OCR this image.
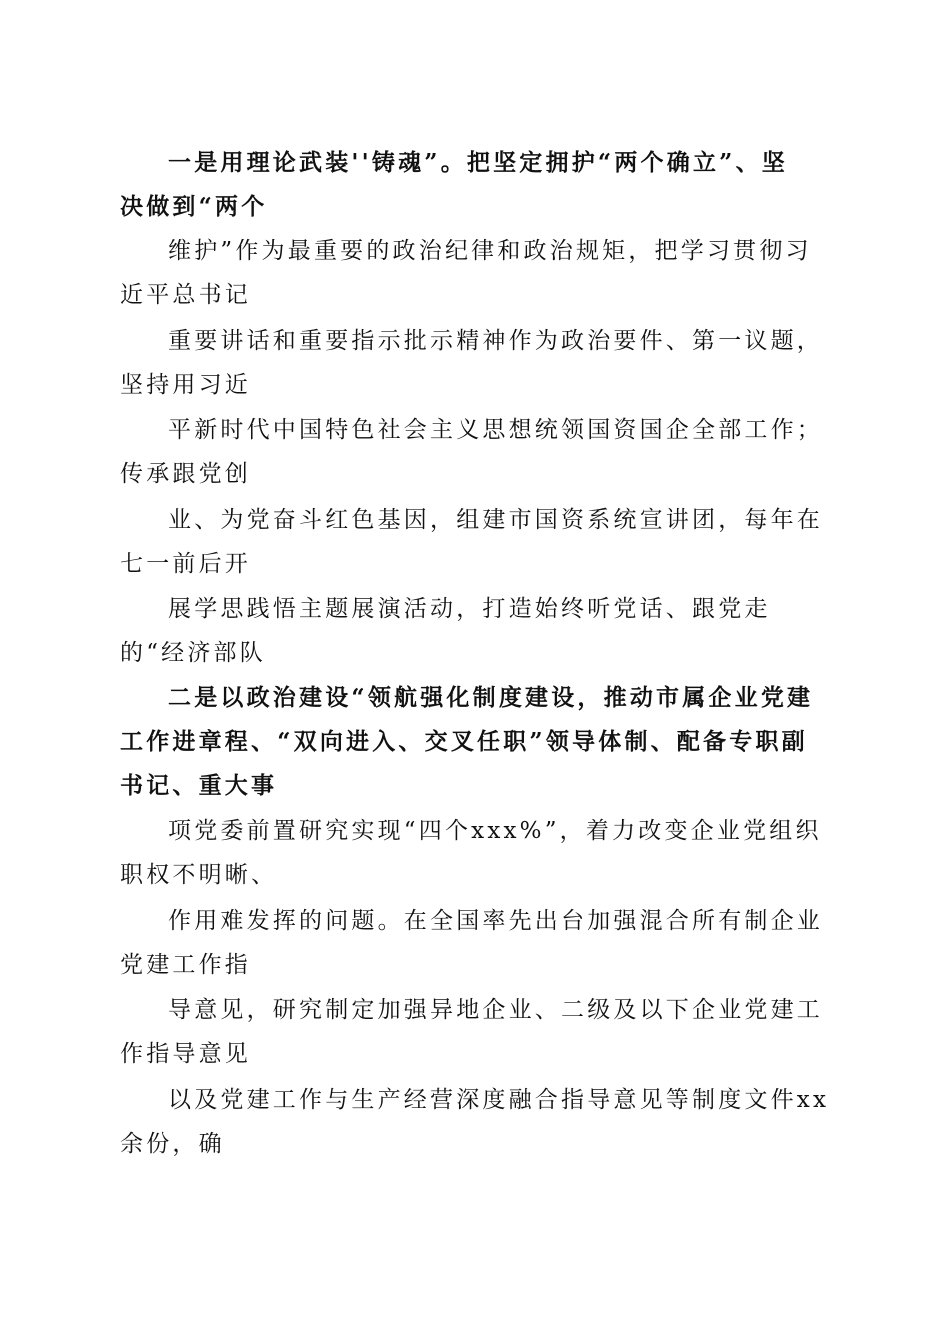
一是用理论武装''铸魂”。把坚定拥护“两个确立”、坚
决做到“两个
维护”作为最重要的政治纪律和政治规矩，把学习贯彻习
近平总书记
重要讲话和重要指示批示精神作为政治要件、第一议题，
坚持用习近
平新时代中国特色社会主义思想统领国资国企全部工作；
传承跟党创
业、为党奋斗红色基因，组建市国资系统宣讲团，每年在
七一前后开
展学思践悟主题展演活动，打造始终听党话、跟党走
的“经济部队
二是以政治建设“领航强化制度建设，推动市属企业党建
工作进章程、“双向进入、交叉任职”领导体制、配备专职副
书记、重大事
项党委前置研究实现“四个xxx%”，着力改变企业党组织
职权不明晰、
作用难发挥的问题。在全国率先出台加强混合所有制企业
党建工作指
导意见，研究制定加强异地企业、二级及以下企业党建工
作指导意见
以及党建工作与生产经营深度融合指导意见等制度文件xx
余份，确
